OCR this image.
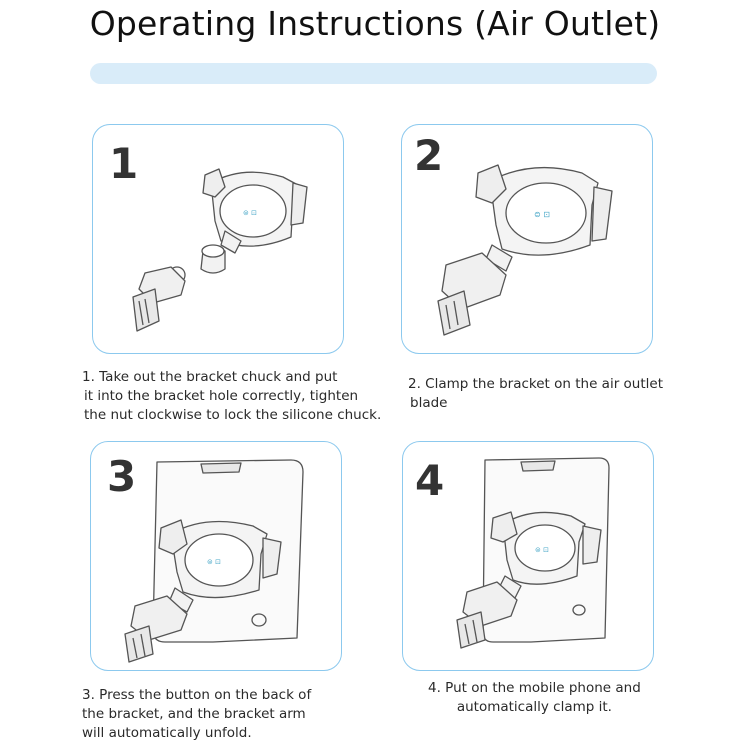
Operating Instructions (Air Outlet)
1
⊜ ⊡
2
⊜ ⊡
1. Take out the bracket chuck and put
it into the bracket hole correctly, tighten
the nut clockwise to lock the silicone chuck.
2. Clamp the bracket on the air outlet
blade
3
⊜ ⊡
4
⊜ ⊡
3. Press the button on the back of
the bracket, and the bracket arm
will automatically unfold.
4. Put on the mobile phone and
automatically clamp it.
